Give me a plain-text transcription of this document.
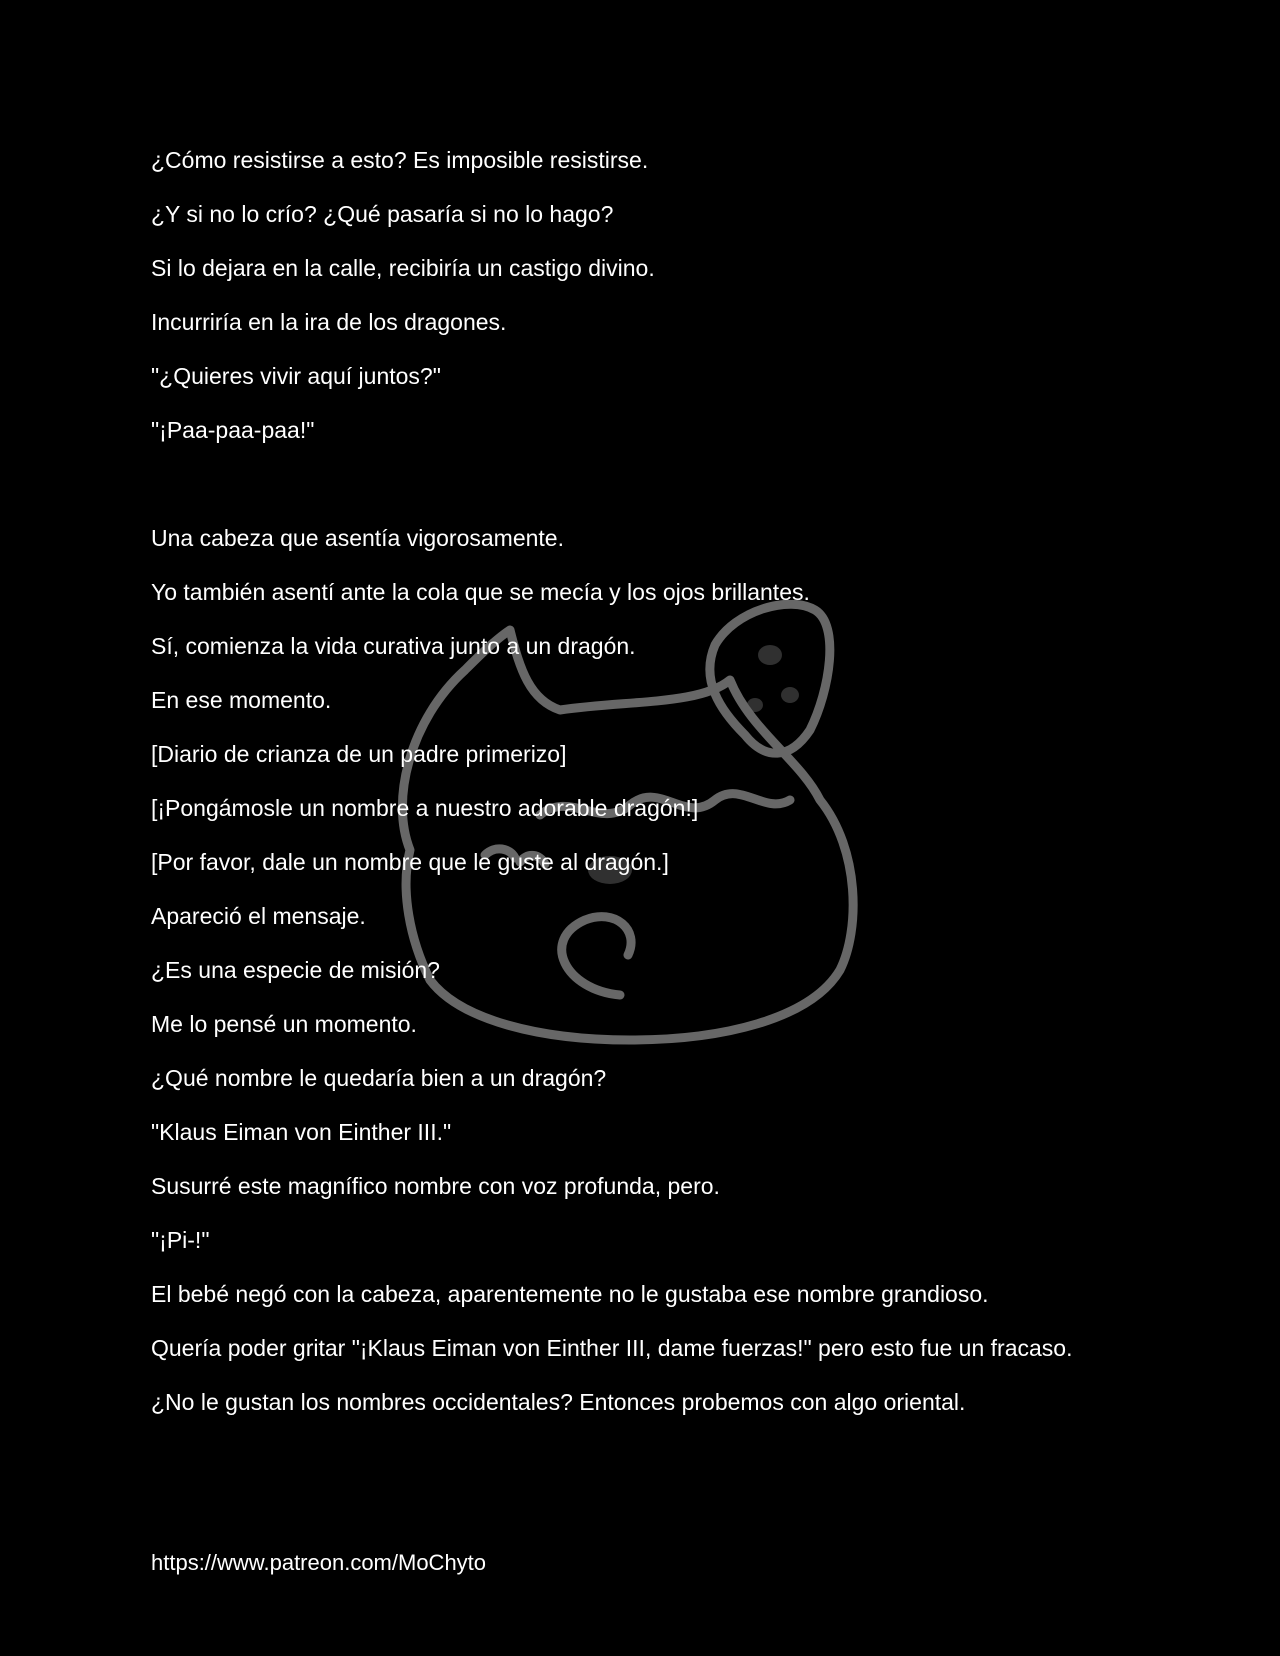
¿Cómo resistirse a esto? Es imposible resistirse.

¿Y si no lo crío? ¿Qué pasaría si no lo hago?

Si lo dejara en la calle, recibiría un castigo divino.

Incurriría en la ira de los dragones.

"¿Quieres vivir aquí juntos?"

"¡Paa-paa-paa!"

Una cabeza que asentía vigorosamente.

Yo también asentí ante la cola que se mecía y los ojos brillantes.

Sí, comienza la vida curativa junto a un dragón.

En ese momento.

[Diario de crianza de un padre primerizo]

[¡Pongámosle un nombre a nuestro adorable dragón!]

[Por favor, dale un nombre que le guste al dragón.]

Apareció el mensaje.

¿Es una especie de misión?

Me lo pensé un momento.

¿Qué nombre le quedaría bien a un dragón?

"Klaus Eiman von Einther III."

Susurré este magnífico nombre con voz profunda, pero.

"¡Pi-!"

El bebé negó con la cabeza, aparentemente no le gustaba ese nombre grandioso.

Quería poder gritar "¡Klaus Eiman von Einther III, dame fuerzas!" pero esto fue un fracaso.

¿No le gustan los nombres occidentales? Entonces probemos con algo oriental.

https://www.patreon.com/MoChyto
